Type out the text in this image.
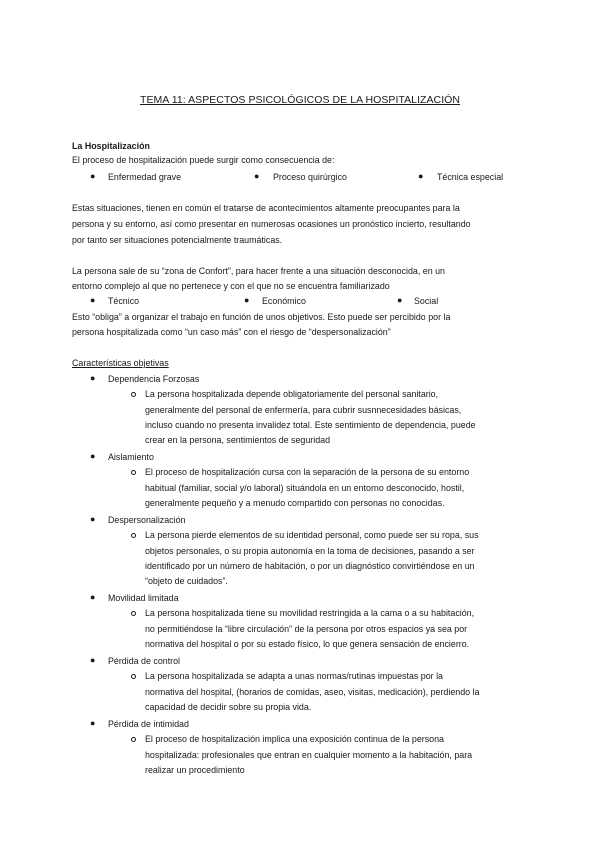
TEMA 11: ASPECTOS PSICOLÓGICOS DE LA HOSPITALIZACIÓN
La Hospitalización
El proceso de hospitalización puede surgir como consecuencia de:
● Enfermedad grave	● Proceso quirúrgico	● Técnica especial
Estas situaciones, tienen en común el tratarse de acontecimientos altamente preocupantes para la
persona y su entorno, así como presentar en numerosas ocasiones un pronóstico incierto, resultando
por tanto ser situaciones potencialmente traumáticas.
La persona sale de su “zona de Confort”, para hacer frente a una situación desconocida, en un
entorno complejo al que no pertenece y con el que no se encuentra familiarizado
● Técnico	● Económico	● Social
Esto “obliga” a organizar el trabajo en función de unos objetivos. Esto puede ser percibido por la
persona hospitalizada como “un caso más” con el riesgo de “despersonalización”
Características objetivas
● Dependencia Forzosas
La persona hospitalizada depende obligatoriamente del personal sanitario,
generalmente del personal de enfermería, para cubrir susnnecesidades básicas,
incluso cuando no presenta invalidez total. Este sentimiento de dependencia, puede
crear en la persona, sentimientos de seguridad
● Aislamiento
El proceso de hospitalización cursa con la separación de la persona de su entorno
habitual (familiar, social y/o laboral) situándola en un entorno desconocido, hostil,
generalmente pequeño y a menudo compartido con personas no conocidas.
● Despersonalización
La persona pierde elementos de su identidad personal, como puede ser su ropa, sus
objetos personales, o su propia autonomía en la toma de decisiones, pasando a ser
identificado por un número de habitación, o por un diagnóstico convirtiéndose en un
“objeto de cuidados”.
● Movilidad limitada
La persona hospitalizada tiene su movilidad restringida a la cama o a su habitación,
no permitiéndose la “libre circulación” de la persona por otros espacios ya sea por
normativa del hospital o por su estado físico, lo que genera sensación de encierro.
● Pérdida de control
La persona hospitalizada se adapta a unas normas/rutinas impuestas por la
normativa del hospital, (horarios de comidas, aseo, visitas, medicación), perdiendo la
capacidad de decidir sobre su propia vida.
● Pérdida de intimidad
El proceso de hospitalización implica una exposición continua de la persona
hospitalizada: profesionales que entran en cualquier momento a la habitación, para
realizar un procedimiento
